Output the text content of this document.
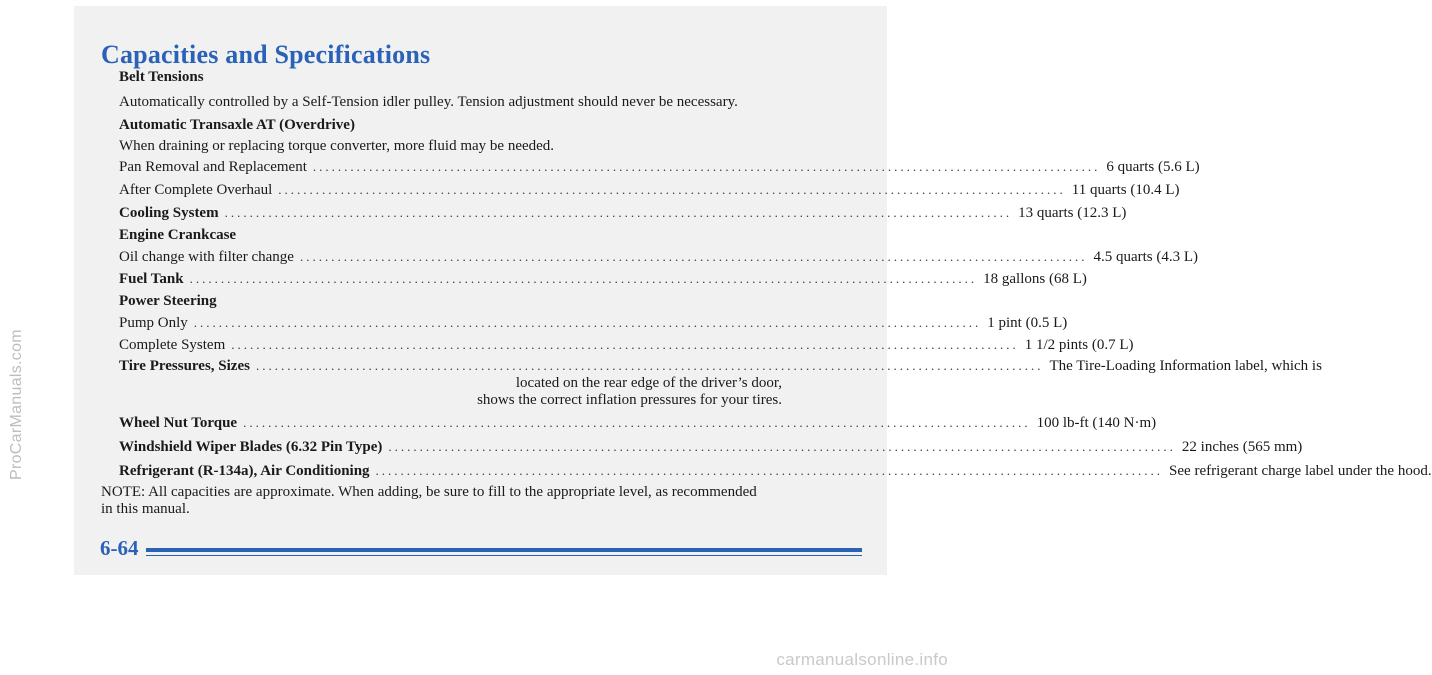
Capacities and Specifications
Belt Tensions
Automatically controlled by a Self-Tension idler pulley. Tension adjustment should never be necessary.
Automatic Transaxle AT (Overdrive)
When draining or replacing torque converter, more fluid may be needed.
Pan Removal and Replacement .............................................................................................................................. 6 quarts (5.6 L)
After Complete Overhaul .............................................................................................................................. 11 quarts (10.4 L)
Cooling System .............................................................................................................................. 13 quarts (12.3 L)
Engine Crankcase
Oil change with filter change .............................................................................................................................. 4.5 quarts (4.3 L)
Fuel Tank .............................................................................................................................. 18 gallons (68 L)
Power Steering
Pump Only .............................................................................................................................. 1 pint (0.5 L)
Complete System .............................................................................................................................. 1 1/2 pints (0.7 L)
Tire Pressures, Sizes .............................................................................................................................. The Tire-Loading Information label, which is
located on the rear edge of the driver’s door,
shows the correct inflation pressures for your tires.
Wheel Nut Torque .............................................................................................................................. 100 lb-ft (140 N·m)
Windshield Wiper Blades (6.32 Pin Type) .............................................................................................................................. 22 inches (565 mm)
Refrigerant (R-134a), Air Conditioning .............................................................................................................................. See refrigerant charge label under the hood.
NOTE: All capacities are approximate. When adding, be sure to fill to the appropriate level, as recommended
in this manual.
6-64
ProCarManuals.com
carmanualsonline.info
